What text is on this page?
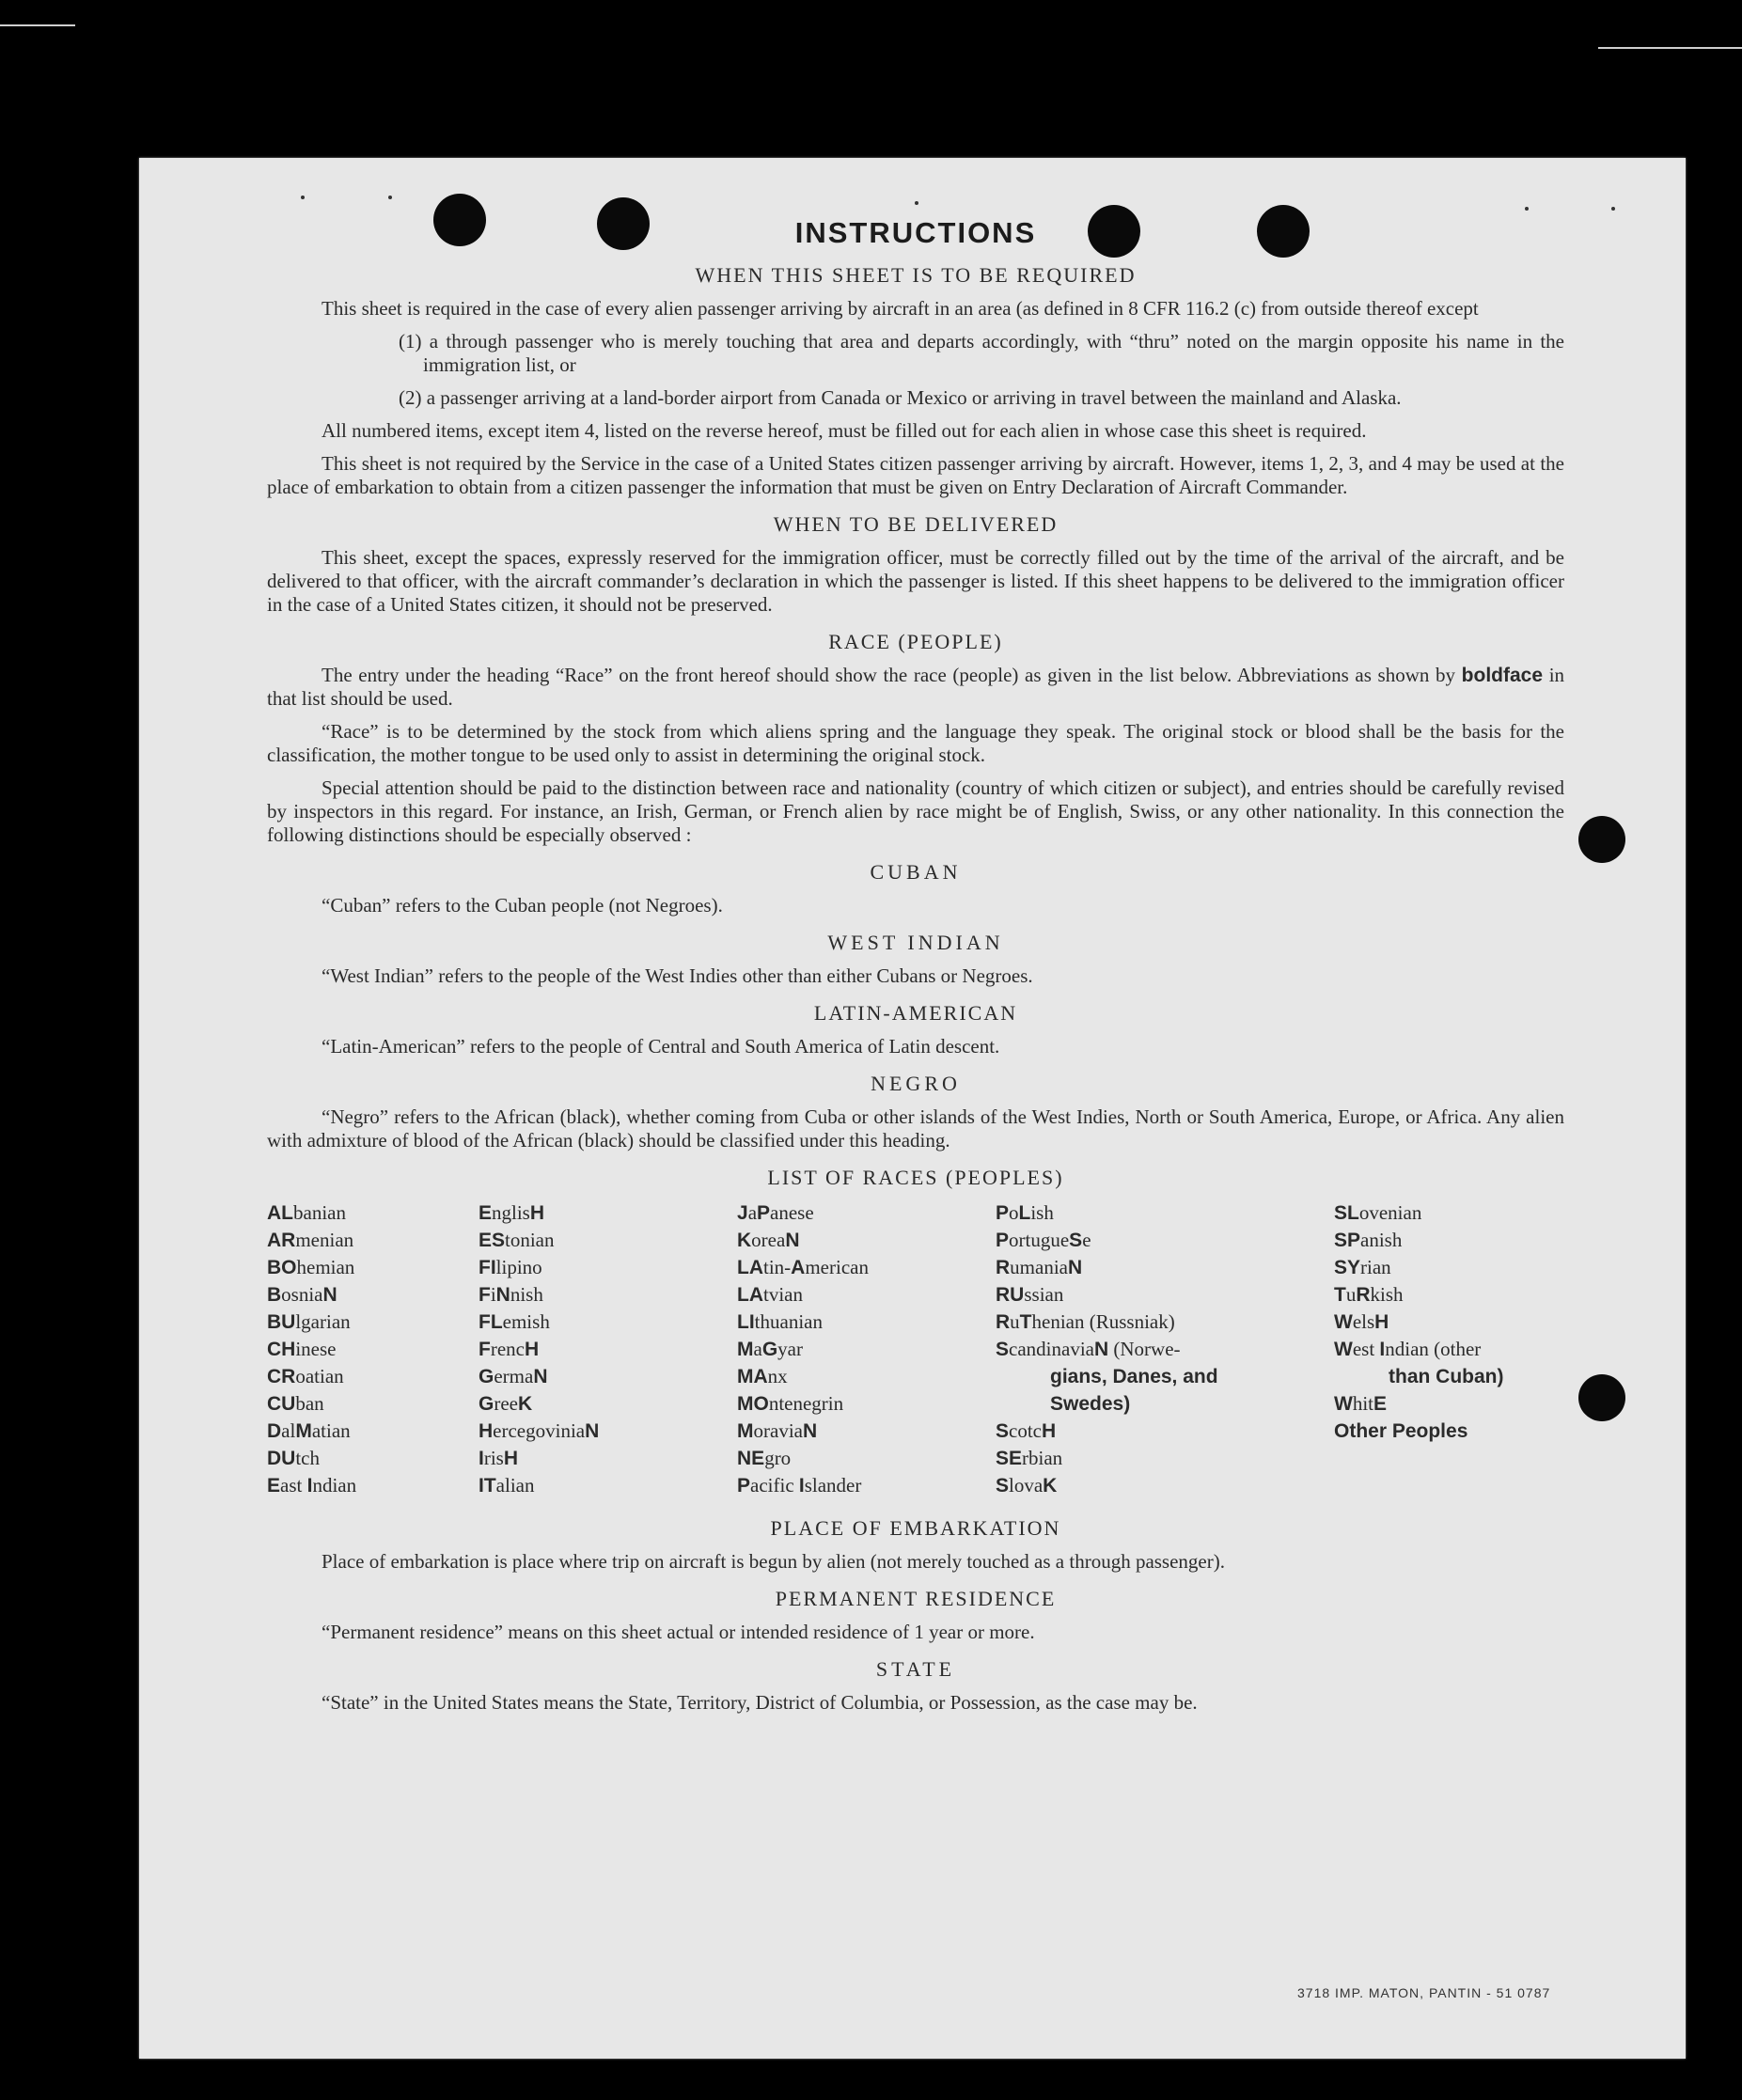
INSTRUCTIONS
WHEN THIS SHEET IS TO BE REQUIRED

This sheet is required in the case of every alien passenger arriving by aircraft in an area (as defined in 8 CFR 116.2 (c) from outside thereof except

(1) a through passenger who is merely touching that area and departs accordingly, with “thru” noted on the margin opposite his name in the immigration list, or
(2) a passenger arriving at a land-border airport from Canada or Mexico or arriving in travel between the mainland and Alaska.

All numbered items, except item 4, listed on the reverse hereof, must be filled out for each alien in whose case this sheet is required.

This sheet is not required by the Service in the case of a United States citizen passenger arriving by aircraft. However, items 1, 2, 3, and 4 may be used at the place of embarkation to obtain from a citizen passenger the information that must be given on Entry Declaration of Aircraft Commander.

WHEN TO BE DELIVERED

This sheet, except the spaces, expressly reserved for the immigration officer, must be correctly filled out by the time of the arrival of the aircraft, and be delivered to that officer, with the aircraft commander’s declaration in which the passenger is listed. If this sheet happens to be delivered to the immigration officer in the case of a United States citizen, it should not be preserved.

RACE (PEOPLE)

The entry under the heading “Race” on the front hereof should show the race (people) as given in the list below. Abbreviations as shown by boldface in that list should be used.

“Race” is to be determined by the stock from which aliens spring and the language they speak. The original stock or blood shall be the basis for the classification, the mother tongue to be used only to assist in determining the original stock.

Special attention should be paid to the distinction between race and nationality (country of which citizen or subject), and entries should be carefully revised by inspectors in this regard. For instance, an Irish, German, or French alien by race might be of English, Swiss, or any other nationality. In this connection the following distinctions should be especially observed :

CUBAN

“Cuban” refers to the Cuban people (not Negroes).

WEST INDIAN

“West Indian” refers to the people of the West Indies other than either Cubans or Negroes.

LATIN-AMERICAN

“Latin-American” refers to the people of Central and South America of Latin descent.

NEGRO

“Negro” refers to the African (black), whether coming from Cuba or other islands of the West Indies, North or South America, Europe, or Africa. Any alien with admixture of blood of the African (black) should be classified under this heading.

LIST OF RACES (PEOPLES)
ALbanian
ARmenian
BOhemian
BosniaN
BUlgarian
CHinese
CRoatian
CUban
DalMatian
DUtch
East Indian
EnglisH
EStonian
FIlipino
FiNnish
FLemish
FrencH
GermaN
GreeK
HercegoviniaN
IrisH
ITalian
JaPanese
KoreaN
LAtin-American
LAtvian
LIthuanian
MaGyar
MAnx
MOntenegrin
MoraviaN
NEgro
Pacific Islander
PoLish
PortugueSe
RumaniaN
RUssian
RuThenian (Russniak)
ScandinaviaN (Norwe-
gians, Danes, and
Swedes)
ScotcH
SErbian
SlovaK
SLovenian
SPanish
SYrian
TuRkish
WelsH
West Indian (other
than Cuban)
WhitE
Other Peoples
PLACE OF EMBARKATION

Place of embarkation is place where trip on aircraft is begun by alien (not merely touched as a through passenger).

PERMANENT RESIDENCE

“Permanent residence” means on this sheet actual or intended residence of 1 year or more.

STATE

“State” in the United States means the State, Territory, District of Columbia, or Possession, as the case may be.

3718 IMP. MATON, PANTIN - 51 0787
